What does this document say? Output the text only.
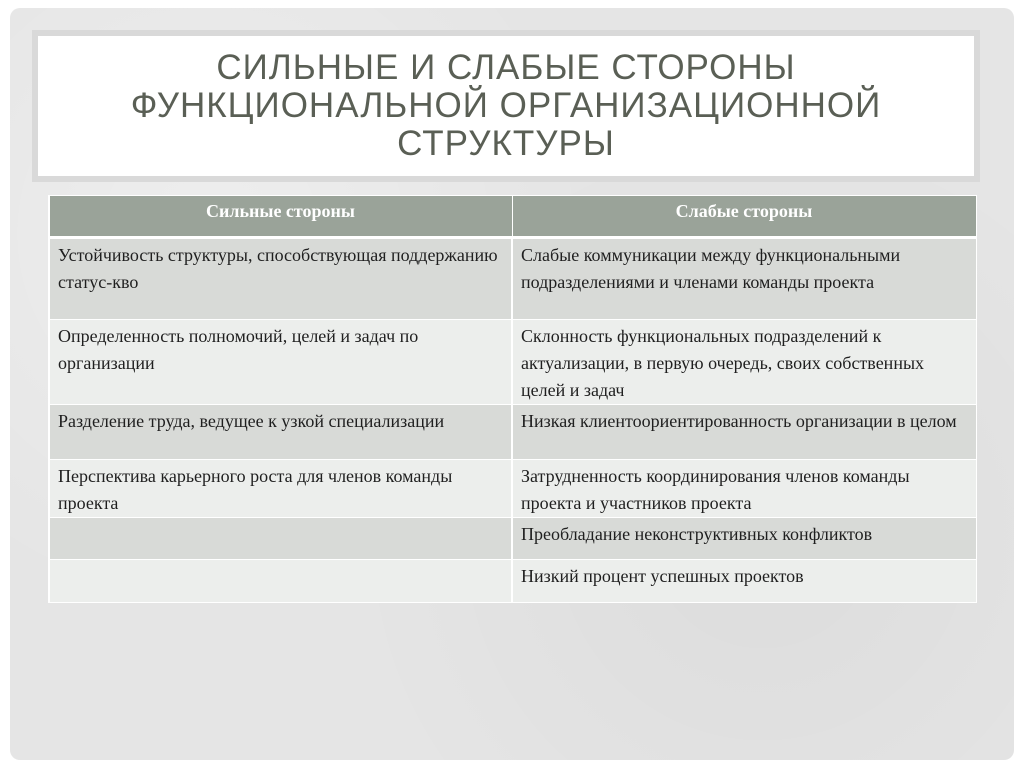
СИЛЬНЫЕ И СЛАБЫЕ СТОРОНЫ
ФУНКЦИОНАЛЬНОЙ ОРГАНИЗАЦИОННОЙ
СТРУКТУРЫ
Сильные стороны	Слабые стороны
Устойчивость структуры, способствующая поддержанию статус-кво	Слабые коммуникации между функциональными подразделениями и членами команды проекта
Определенность полномочий, целей и задач по организации	Склонность функциональных подразделений к актуализации, в первую очередь, своих собственных целей и задач
Разделение труда, ведущее к узкой специализации	Низкая клиентоориентированность организации в целом
Перспектива карьерного роста для членов команды проекта	Затрудненность координирования членов команды проекта и участников проекта
	Преобладание неконструктивных конфликтов
	Низкий процент успешных проектов
